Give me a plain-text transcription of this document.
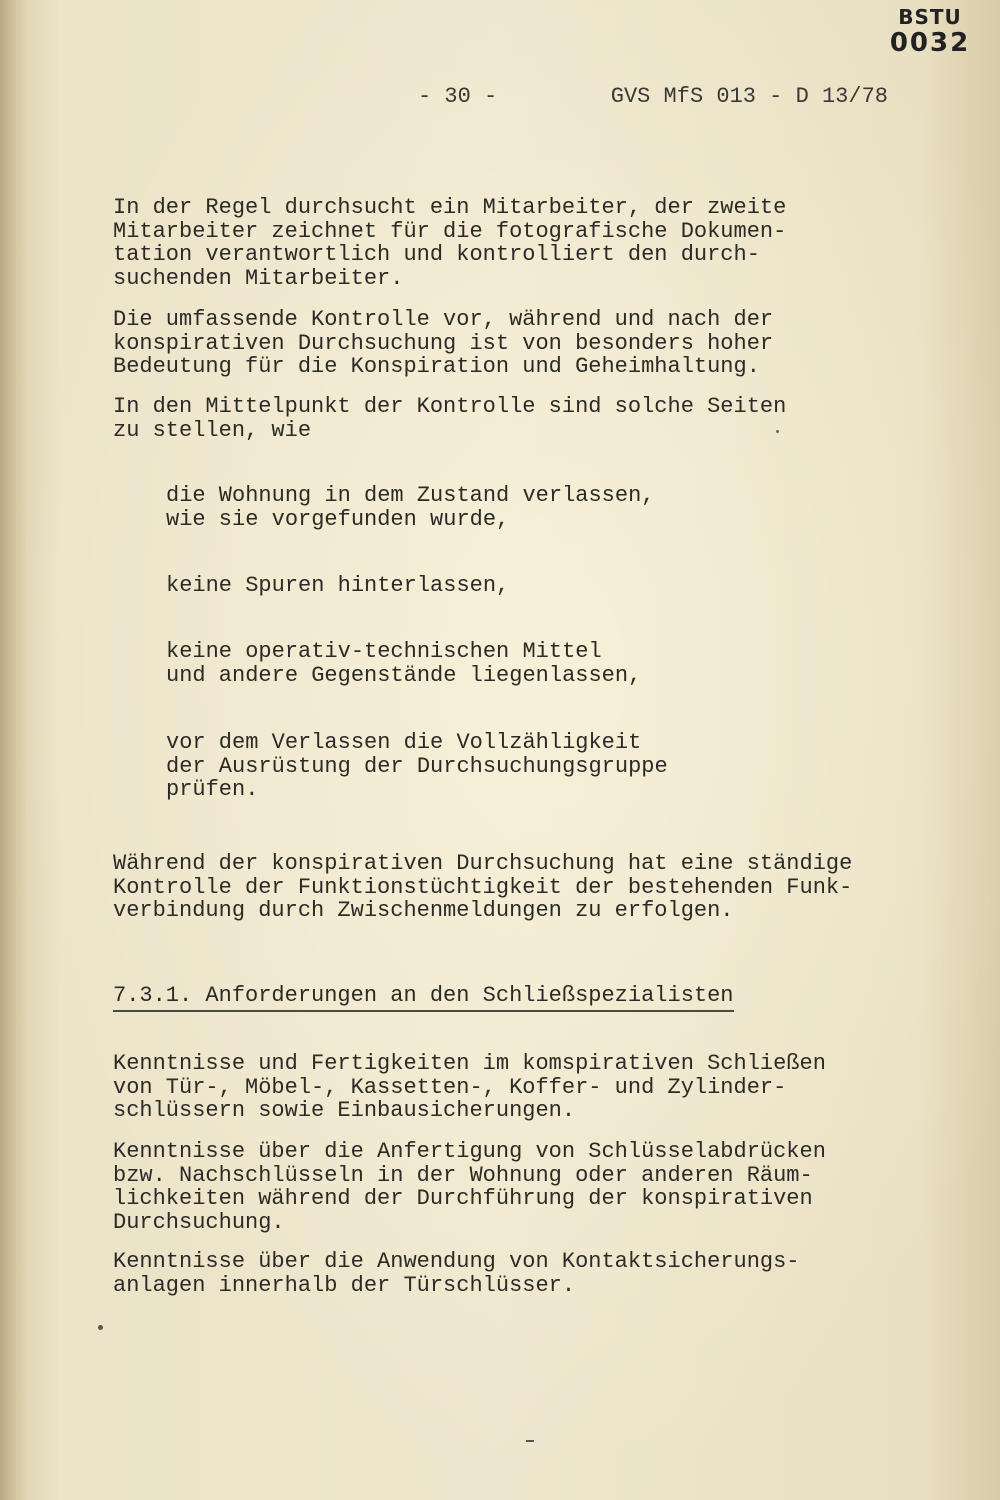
BSTU
0032
- 30 -	GVS MfS 013 - D 13/78
In der Regel durchsucht ein Mitarbeiter, der zweite
Mitarbeiter zeichnet für die fotografische Dokumen-
tation verantwortlich und kontrolliert den durch-
suchenden Mitarbeiter.
Die umfassende Kontrolle vor, während und nach der
konspirativen Durchsuchung ist von besonders hoher
Bedeutung für die Konspiration und Geheimhaltung.
In den Mittelpunkt der Kontrolle sind solche Seiten
zu stellen, wie
die Wohnung in dem Zustand verlassen,
wie sie vorgefunden wurde,
keine Spuren hinterlassen,
keine operativ-technischen Mittel
und andere Gegenstände liegenlassen,
vor dem Verlassen die Vollzähligkeit
der Ausrüstung der Durchsuchungsgruppe
prüfen.
Während der konspirativen Durchsuchung hat eine ständige
Kontrolle der Funktionstüchtigkeit der bestehenden Funk-
verbindung durch Zwischenmeldungen zu erfolgen.
7.3.1. Anforderungen an den Schließspezialisten
Kenntnisse und Fertigkeiten im komspirativen Schließen
von Tür-, Möbel-, Kassetten-, Koffer- und Zylinder-
schlüssern sowie Einbausicherungen.
Kenntnisse über die Anfertigung von Schlüsselabdrücken
bzw. Nachschlüsseln in der Wohnung oder anderen Räum-
lichkeiten während der Durchführung der konspirativen
Durchsuchung.
Kenntnisse über die Anwendung von Kontaktsicherungs-
anlagen innerhalb der Türschlüsser.
